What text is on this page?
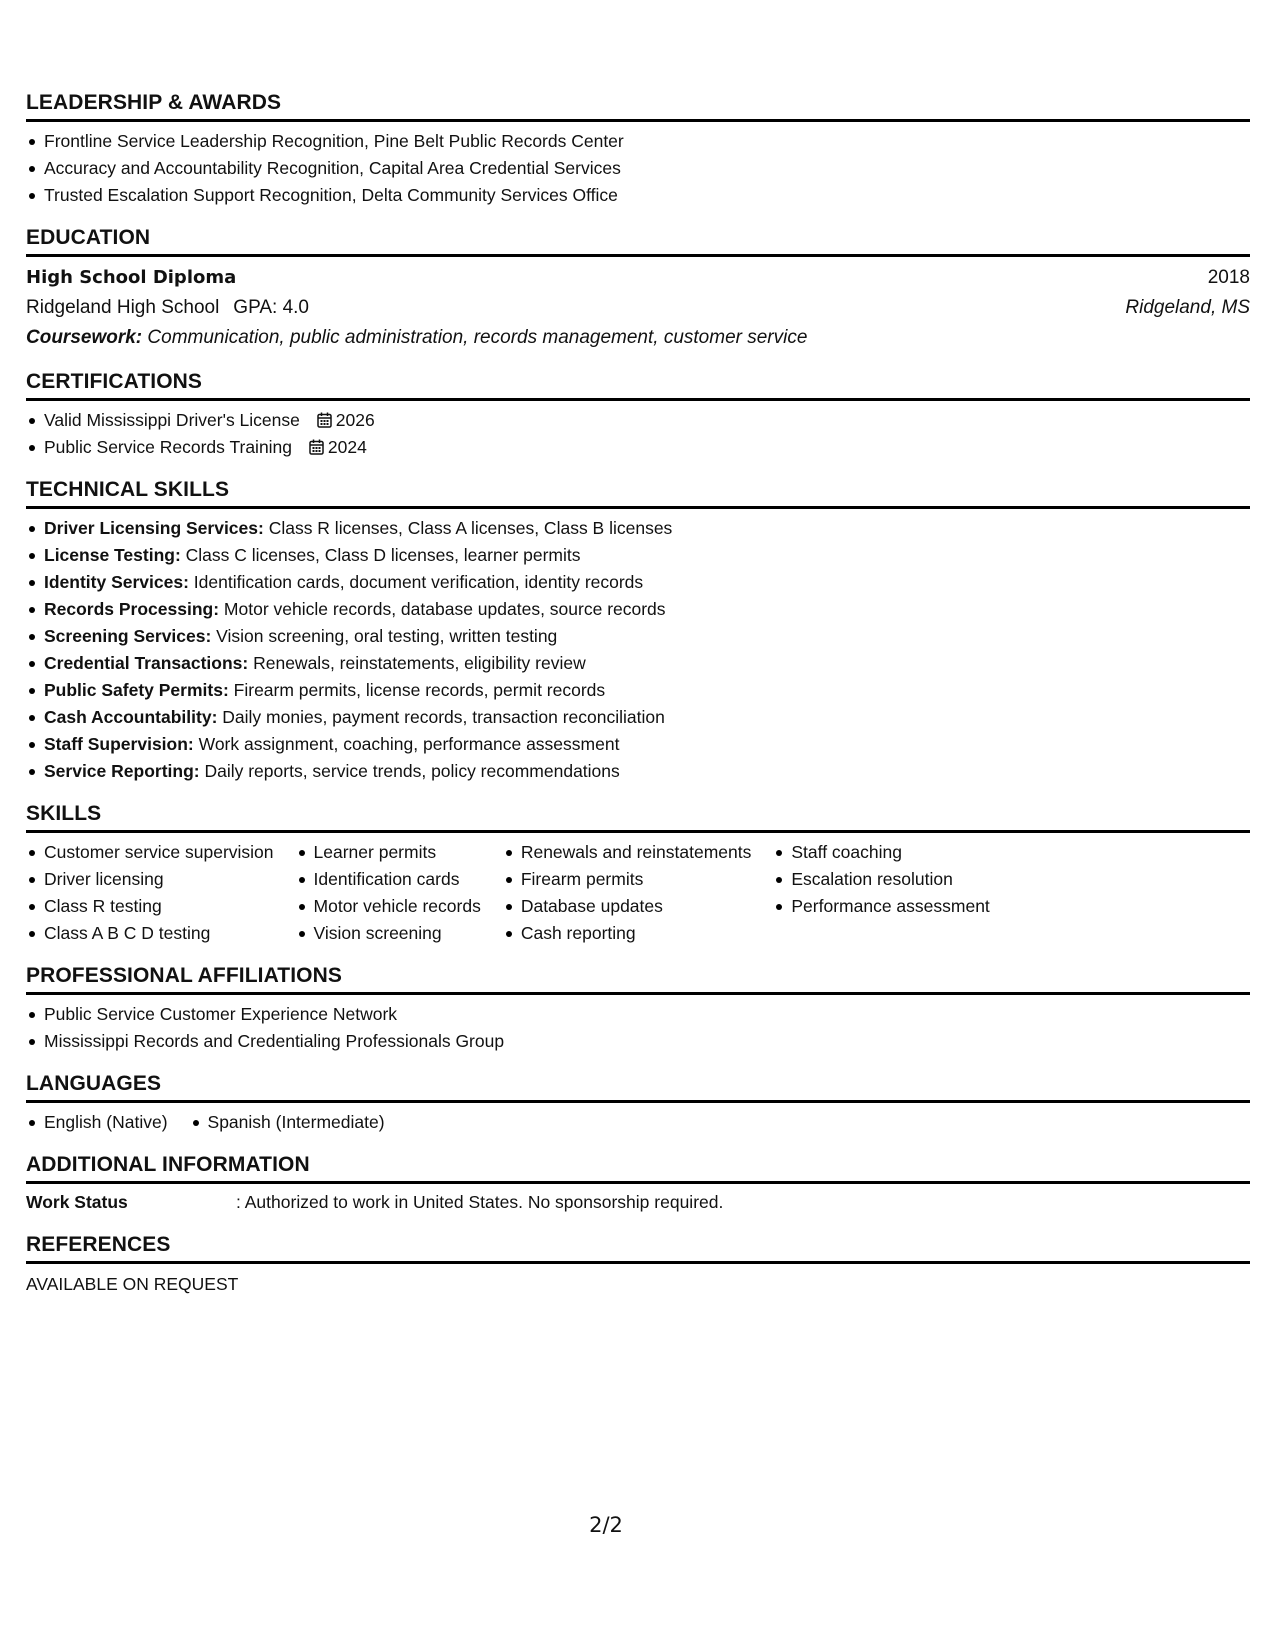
LEADERSHIP & AWARDS
Frontline Service Leadership Recognition, Pine Belt Public Records Center
Accuracy and Accountability Recognition, Capital Area Credential Services
Trusted Escalation Support Recognition, Delta Community Services Office
EDUCATION
High School Diploma	2018
Ridgeland High School GPA: 4.0	Ridgeland, MS
Coursework: Communication, public administration, records management, customer service
CERTIFICATIONS
Valid Mississippi Driver's License 2026
Public Service Records Training 2024
TECHNICAL SKILLS
Driver Licensing Services: Class R licenses, Class A licenses, Class B licenses
License Testing: Class C licenses, Class D licenses, learner permits
Identity Services: Identification cards, document verification, identity records
Records Processing: Motor vehicle records, database updates, source records
Screening Services: Vision screening, oral testing, written testing
Credential Transactions: Renewals, reinstatements, eligibility review
Public Safety Permits: Firearm permits, license records, permit records
Cash Accountability: Daily monies, payment records, transaction reconciliation
Staff Supervision: Work assignment, coaching, performance assessment
Service Reporting: Daily reports, service trends, policy recommendations
SKILLS
Customer service supervision
Driver licensing
Class R testing
Class A B C D testing
Learner permits
Identification cards
Motor vehicle records
Vision screening
Renewals and reinstatements
Firearm permits
Database updates
Cash reporting
Staff coaching
Escalation resolution
Performance assessment
PROFESSIONAL AFFILIATIONS
Public Service Customer Experience Network
Mississippi Records and Credentialing Professionals Group
LANGUAGES
English (Native)	Spanish (Intermediate)
ADDITIONAL INFORMATION
Work Status	: Authorized to work in United States. No sponsorship required.
REFERENCES
AVAILABLE ON REQUEST
2/2
